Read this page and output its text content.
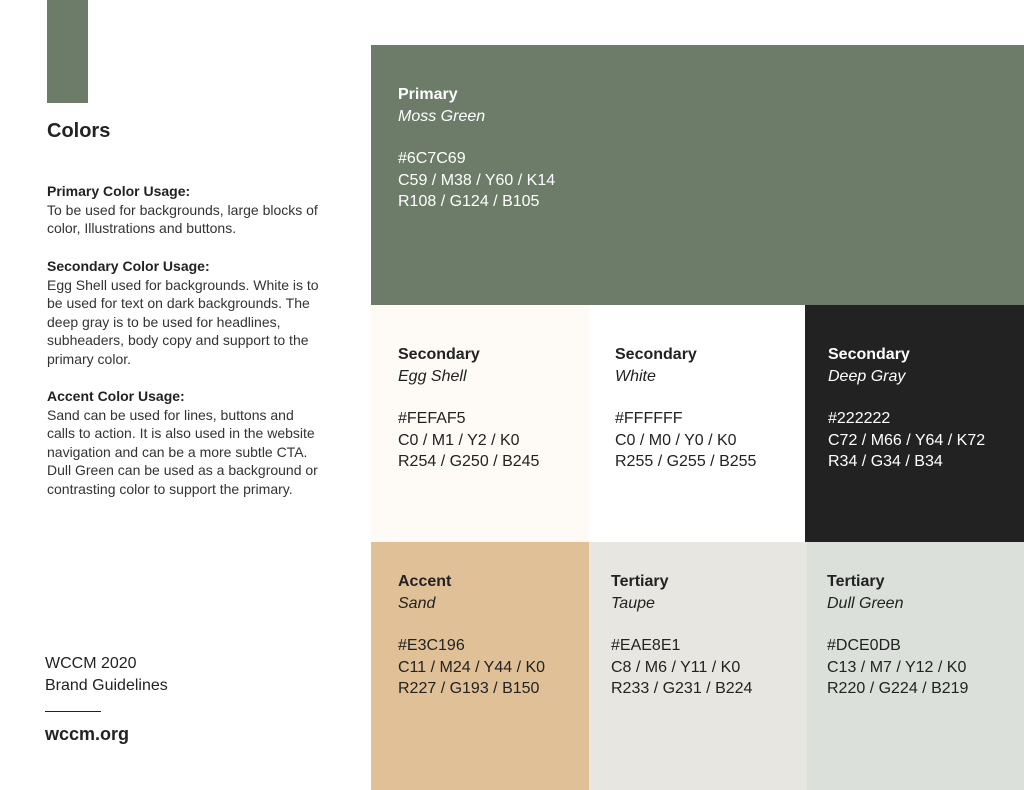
Colors
Primary Color Usage:
To be used for backgrounds, large blocks of color, Illustrations and buttons.
Secondary Color Usage:
Egg Shell used for backgrounds. White is to be used for text on dark backgrounds. The deep gray is to be used for headlines, subheaders, body copy and support to the primary color.
Accent Color Usage:
Sand can be used for lines, buttons and calls to action. It is also used in the website navigation and can be a more subtle CTA. Dull Green can be used as a background or contrasting color to support the primary.
WCCM 2020
Brand Guidelines
wccm.org
Primary
Moss Green
#6C7C69
C59 / M38 / Y60 / K14
R108 / G124 / B105
Secondary
Egg Shell
#FEFAF5
C0 / M1 / Y2 / K0
R254 / G250 / B245
Secondary
White
#FFFFFF
C0 / M0 / Y0 / K0
R255 / G255 / B255
Secondary
Deep Gray
#222222
C72 / M66 / Y64 / K72
R34 / G34 / B34
Accent
Sand
#E3C196
C11 / M24 / Y44 / K0
R227 / G193 / B150
Tertiary
Taupe
#EAE8E1
C8 / M6 / Y11 / K0
R233 / G231 / B224
Tertiary
Dull Green
#DCE0DB
C13 / M7 / Y12 / K0
R220 / G224 / B219
